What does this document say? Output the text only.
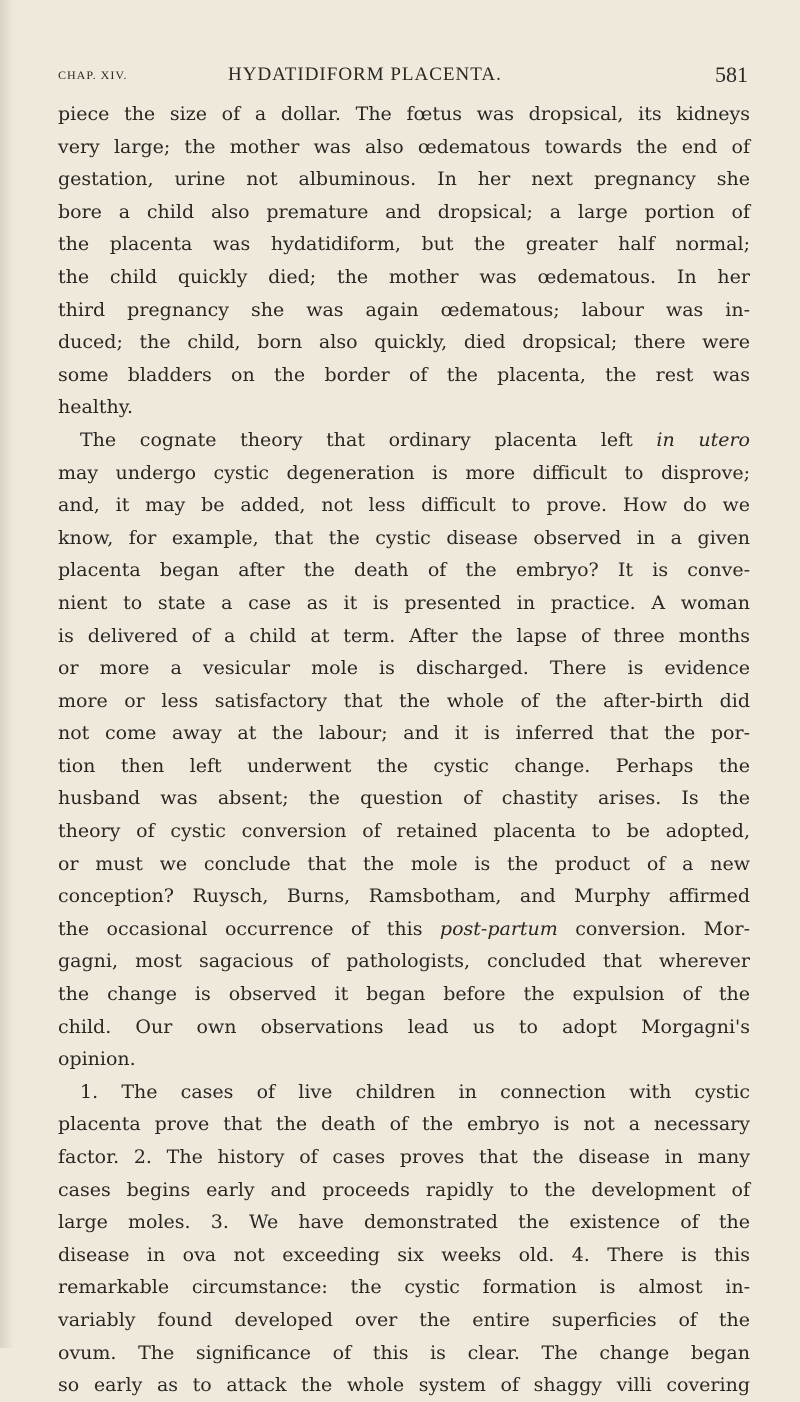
CHAP. XIV.	HYDATIDIFORM PLACENTA.	581
piece the size of a dollar. The fœtus was dropsical, its kidneys
very large; the mother was also œdematous towards the end of
gestation, urine not albuminous. In her next pregnancy she
bore a child also premature and dropsical; a large portion of
the placenta was hydatidiform, but the greater half normal;
the child quickly died; the mother was œdematous. In her
third pregnancy she was again œdematous; labour was in-
duced; the child, born also quickly, died dropsical; there were
some bladders on the border of the placenta, the rest was
healthy.
The cognate theory that ordinary placenta left in utero
may undergo cystic degeneration is more difficult to disprove;
and, it may be added, not less difficult to prove. How do we
know, for example, that the cystic disease observed in a given
placenta began after the death of the embryo? It is conve-
nient to state a case as it is presented in practice. A woman
is delivered of a child at term. After the lapse of three months
or more a vesicular mole is discharged. There is evidence
more or less satisfactory that the whole of the after-birth did
not come away at the labour; and it is inferred that the por-
tion then left underwent the cystic change. Perhaps the
husband was absent; the question of chastity arises. Is the
theory of cystic conversion of retained placenta to be adopted,
or must we conclude that the mole is the product of a new
conception? Ruysch, Burns, Ramsbotham, and Murphy affirmed
the occasional occurrence of this post-partum conversion. Mor-
gagni, most sagacious of pathologists, concluded that wherever
the change is observed it began before the expulsion of the
child. Our own observations lead us to adopt Morgagni's
opinion.
1. The cases of live children in connection with cystic
placenta prove that the death of the embryo is not a necessary
factor. 2. The history of cases proves that the disease in many
cases begins early and proceeds rapidly to the development of
large moles. 3. We have demonstrated the existence of the
disease in ova not exceeding six weeks old. 4. There is this
remarkable circumstance: the cystic formation is almost in-
variably found developed over the entire superficies of the
ovum. The significance of this is clear. The change began
so early as to attack the whole system of shaggy villi covering
